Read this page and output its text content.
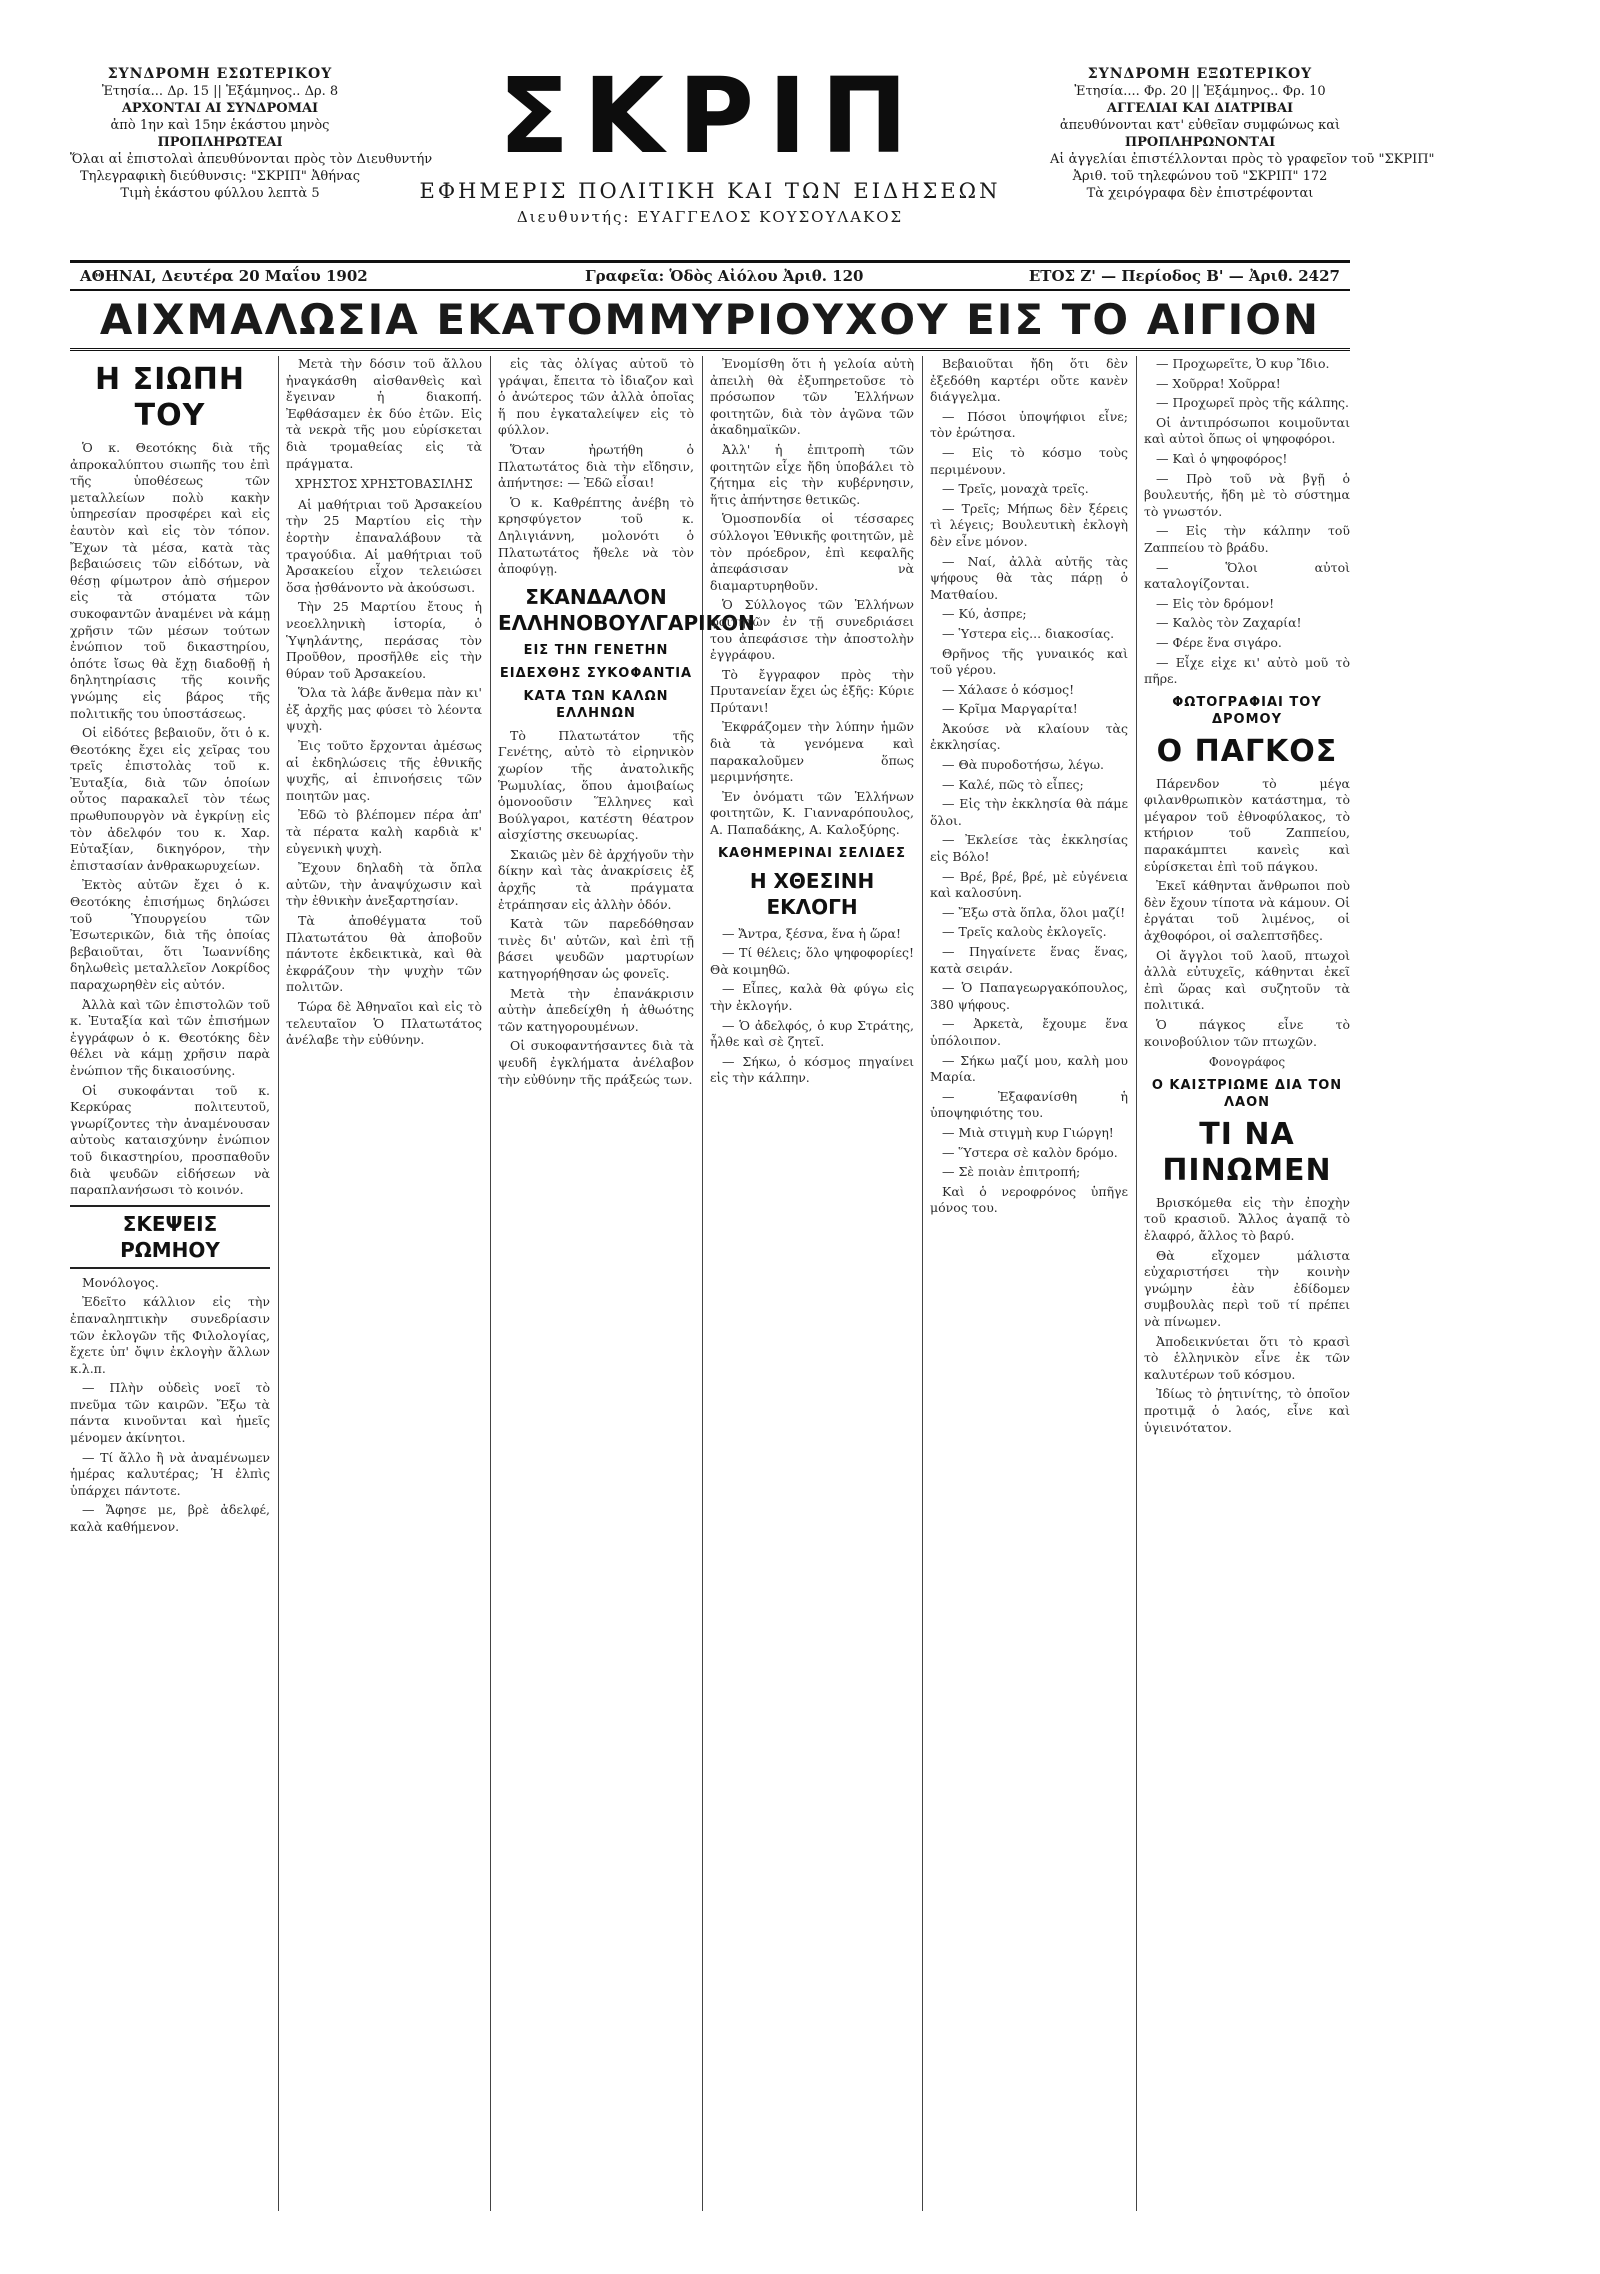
ΣΥΝΔΡΟΜΗ ΕΣΩΤΕΡΙΚΟΥ
Ἐτησία... Δρ. 15 || Ἑξάμηνος.. Δρ. 8
ΑΡΧΟΝΤΑΙ ΑΙ ΣΥΝΔΡΟΜΑΙ
ἀπὸ 1ην καὶ 15ην ἑκάστου μηνὸς
ΠΡΟΠΛΗΡΩΤΕΑΙ
Ὅλαι αἱ ἐπιστολαὶ ἀπευθύνονται πρὸς τὸν Διευθυντήν
Τηλεγραφικὴ διεύθυνσις: "ΣΚΡΙΠ" Ἀθήνας
Τιμὴ ἑκάστου φύλλου λεπτὰ 5
ΣΚΡΙΠ
ΕΦΗΜΕΡΙΣ ΠΟΛΙΤΙΚΗ ΚΑΙ ΤΩΝ ΕΙΔΗΣΕΩΝ
Διευθυντής: ΕΥΑΓΓΕΛΟΣ ΚΟΥΣΟΥΛΑΚΟΣ
ΣΥΝΔΡΟΜΗ ΕΞΩΤΕΡΙΚΟΥ
Ἐτησία.... Φρ. 20 || Ἑξάμηνος.. Φρ. 10
ΑΓΓΕΛΙΑΙ ΚΑΙ ΔΙΑΤΡΙΒΑΙ
ἀπευθύνονται κατ' εὐθεῖαν συμφώνως καὶ
ΠΡΟΠΛΗΡΩΝΟΝΤΑΙ
Αἱ ἀγγελίαι ἐπιστέλλονται πρὸς τὸ γραφεῖον τοῦ "ΣΚΡΙΠ"
Ἀριθ. τοῦ τηλεφώνου τοῦ "ΣΚΡΙΠ" 172
Τὰ χειρόγραφα δὲν ἐπιστρέφονται
ΑΘΗΝΑΙ, Δευτέρα 20 Μαΐου 1902	Γραφεῖα: Ὁδὸς Αἰόλου Ἀριθ. 120	ΕΤΟΣ Ζ' — Περίοδος Β' — Ἀριθ. 2427
ΑΙΧΜΑΛΩΣΙΑ ΕΚΑΤΟΜΜΥΡΙΟΥΧΟΥ ΕΙΣ ΤΟ ΑΙΓΙΟΝ
Η ΣΙΩΠΗ ΤΟΥ

Ὁ κ. Θεοτόκης διὰ τῆς ἀπροκαλύπτου σιωπῆς του ἐπὶ τῆς ὑποθέσεως τῶν μεταλλείων πολὺ κακὴν ὑπηρεσίαν προσφέρει καὶ εἰς ἑαυτὸν καὶ εἰς τὸν τόπον. Ἔχων τὰ μέσα, κατὰ τὰς βεβαιώσεις τῶν εἰδότων, νὰ θέσῃ φίμωτρον ἀπὸ σήμερον εἰς τὰ στόματα τῶν συκοφαντῶν ἀναμένει νὰ κάμῃ χρῆσιν τῶν μέσων τούτων ἐνώπιον τοῦ δικαστηρίου, ὁπότε ἴσως θὰ ἔχῃ διαδοθῇ ἡ δηλητηρίασις τῆς κοινῆς γνώμης εἰς βάρος τῆς πολιτικῆς του ὑποστάσεως.

Οἱ εἰδότες βεβαιοῦν, ὅτι ὁ κ. Θεοτόκης ἔχει εἰς χεῖρας του τρεῖς ἐπιστολὰς τοῦ κ. Ἐυταξία, διὰ τῶν ὁποίων οὗτος παρακαλεῖ τὸν τέως πρωθυπουργὸν νὰ ἐγκρίνῃ εἰς τὸν ἀδελφόν του κ. Χαρ. Εὐταξίαν, δικηγόρον, τὴν ἐπιστασίαν ἀνθρακωρυχείων.

Ἐκτὸς αὐτῶν ἔχει ὁ κ. Θεοτόκης ἐπισήμως δηλώσει τοῦ Ὑπουργείου τῶν Ἐσωτερικῶν, διὰ τῆς ὁποίας βεβαιοῦται, ὅτι Ἰωαννίδης δηλωθεὶς μεταλλεῖον Λοκρίδος παραχωρηθὲν εἰς αὐτόν.

Ἀλλὰ καὶ τῶν ἐπιστολῶν τοῦ κ. Ἐυταξία καὶ τῶν ἐπισήμων ἐγγράφων ὁ κ. Θεοτόκης δὲν θέλει νὰ κάμῃ χρῆσιν παρὰ ἐνώπιον τῆς δικαιοσύνης.

Οἱ συκοφάνται τοῦ κ. Κερκύρας πολιτευτοῦ, γνωρίζοντες τὴν ἀναμένουσαν αὐτοὺς καταισχύνην ἐνώπιον τοῦ δικαστηρίου, προσπαθοῦν διὰ ψευδῶν εἰδήσεων νὰ παραπλανήσωσι τὸ κοινόν.

ΣΚΕΨΕΙΣ ΡΩΜΗΟΥ

Μονόλογος.

Ἐδεῖτο κάλλιον εἰς τὴν ἐπαναληπτικὴν συνεδρίασιν τῶν ἐκλογῶν τῆς Φιλολογίας, ἔχετε ὑπ' ὄψιν ἐκλογὴν ἄλλων κ.λ.π.

— Πλὴν οὐδεὶς νοεῖ τὸ πνεῦμα τῶν καιρῶν. Ἔξω τὰ πάντα κινοῦνται καὶ ἡμεῖς μένομεν ἀκίνητοι.

— Τί ἄλλο ἢ νὰ ἀναμένωμεν ἡμέρας καλυτέρας; Ἡ ἐλπὶς ὑπάρχει πάντοτε.

— Ἄφησε με, βρὲ ἀδελφέ, καλὰ καθήμενον.

Μετὰ τὴν δόσιν τοῦ ἄλλου ἠναγκάσθη αἰσθανθεὶς καὶ ἔγειναν ἡ διακοπή. Ἐφθάσαμεν ἐκ δύο ἐτῶν. Εἰς τὰ νεκρὰ τῆς μου εὑρίσκεται διὰ τρομαθείας εἰς τὰ πράγματα.

ΧΡΗΣΤΟΣ ΧΡΗΣΤΟΒΑΣΙΛΗΣ

Αἱ μαθήτριαι τοῦ Ἀρσακείου τὴν 25 Μαρτίου εἰς τὴν ἑορτὴν ἐπαναλάβουν τὰ τραγούδια. Αἱ μαθήτριαι τοῦ Ἀρσακείου εἶχον τελειώσει ὅσα ᾐσθάνοντο νὰ ἀκούσωσι.

Τὴν 25 Μαρτίου ἔτους ἡ νεοελληνικὴ ἱστορία, ὁ Ὑψηλάντης, περάσας τὸν Προῦθον, προσῆλθε εἰς τὴν θύραν τοῦ Ἀρσακείου.

Ὅλα τὰ λάβε ἄνθεμα πὰν κι' ἐξ ἀρχῆς μας φύσει τὸ λέοντα ψυχὴ.

Ἐις τοῦτο ἔρχονται ἀμέσως αἱ ἐκδηλώσεις τῆς ἐθνικῆς ψυχῆς, αἱ ἐπινοήσεις τῶν ποιητῶν μας.

Ἐδῶ τὸ βλέπομεν πέρα ἀπ' τὰ πέρατα καλὴ καρδιὰ κ' εὐγενικὴ ψυχὴ.

Ἔχουν δηλαδὴ τὰ ὄπλα αὐτῶν, τὴν ἀναψύχωσιν καὶ τὴν ἐθνικὴν ἀνεξαρτησίαν.

Τὰ ἀποθέγματα τοῦ Πλατωτάτου θὰ ἀποβοῦν πάντοτε ἐκδεικτικὰ, καὶ θὰ ἐκφράζουν τὴν ψυχὴν τῶν πολιτῶν.

Τώρα δὲ Ἀθηναῖοι καὶ εἰς τὸ τελευταῖον Ὁ Πλατωτάτος ἀνέλαβε τὴν εὐθύνην.

εἰς τὰς ὀλίγας αὐτοῦ τὸ γράψαι, ἔπειτα τὸ ἰδιαζον καὶ ὁ ἀνώτερος τῶν ἀλλὰ ὁποῖας ἥ που ἐγκαταλείψεν εἰς τὸ φύλλον.

Ὅταν ἠρωτήθη ὁ Πλατωτάτος διὰ τὴν εἴδησιν, ἀπήντησε: — Ἐδῶ εἶσαι!

Ὁ κ. Καθρέπτης ἀνέβη τὸ κρησφύγετον τοῦ κ. Δηλιγιάννη, μολονότι ὁ Πλατωτάτος ἤθελε νὰ τὸν ἀποφύγῃ.

ΣΚΑΝΔΑΛΟΝ ΕΛΛΗΝΟΒΟΥΛΓΑΡΙΚΟΝ
ΕΙΣ ΤΗΝ ΓΕΝΕΤΗΝ
ΕΙΔΕΧΘΗΣ ΣΥΚΟΦΑΝΤΙΑ
ΚΑΤΑ ΤΩΝ ΚΑΛΩΝ ΕΛΛΗΝΩΝ

Τὸ Πλατωτάτον τῆς Γενέτης, αὐτὸ τὸ εἰρηνικὸν χωρίον τῆς ἀνατολικῆς Ῥωμυλίας, ὅπου ἀμοιβαίως ὁμονοοῦσιν Ἕλληνες καὶ Βούλγαροι, κατέστη θέατρον αἰσχίστης σκευωρίας.

Σκαιῶς μὲν δὲ ἀρχήγοῦν τὴν δίκην καὶ τὰς ἀνακρίσεις ἐξ ἀρχῆς τὰ πράγματα ἐτράπησαν εἰς ἀλλὴν ὁδόν.

Κατὰ τῶν παρεδόθησαν τινὲς δι' αὐτῶν, καὶ ἐπὶ τῇ βάσει ψευδῶν μαρτυρίων κατηγορήθησαν ὡς φονεῖς.

Μετὰ τὴν ἐπανάκρισιν αὐτὴν ἀπεδείχθη ἡ ἀθωότης τῶν κατηγορουμένων.

Οἱ συκοφαντήσαντες διὰ τὰ ψευδῆ ἐγκλήματα ἀνέλαβον τὴν εὐθύνην τῆς πράξεώς των.

Ἐνομίσθη ὅτι ἡ γελοία αὐτὴ ἀπειλὴ θὰ ἐξυπηρετοῦσε τὸ πρόσωπον τῶν Ἑλλήνων φοιτητῶν, διὰ τὸν ἀγῶνα τῶν ἀκαδημαϊκῶν.

Ἀλλ' ἡ ἐπιτροπὴ τῶν φοιτητῶν εἶχε ἤδη ὑποβάλει τὸ ζήτημα εἰς τὴν κυβέρνησιν, ἥτις ἀπήντησε θετικῶς.

Ὁμοσπονδία οἱ τέσσαρες σύλλογοι Ἐθνικῆς φοιτητῶν, μὲ τὸν πρόεδρον, ἐπὶ κεφαλῆς ἀπεφάσισαν νὰ διαμαρτυρηθοῦν.

Ὁ Σύλλογος τῶν Ἑλλήνων φοιτητῶν ἐν τῇ συνεδριάσει του ἀπεφάσισε τὴν ἀποστολὴν ἐγγράφου.

Τὸ ἔγγραφον πρὸς τὴν Πρυτανείαν ἔχει ὡς ἑξῆς: Κύριε Πρύτανι!

Ἐκφράζομεν τὴν λύπην ἡμῶν διὰ τὰ γενόμενα καὶ παρακαλοῦμεν ὅπως μεριμνήσητε.

Ἐν ὀνόματι τῶν Ἑλλήνων φοιτητῶν, Κ. Γιανναρόπουλος, Α. Παπαδάκης, Α. Καλοξύρης.

ΚΑΘΗΜΕΡΙΝΑΙ ΣΕΛΙΔΕΣ
Η ΧΘΕΣΙΝΗ ΕΚΛΟΓΗ

— Ἄντρα, ξέσνα, ἕνα ἡ ὥρα!

— Τί θέλεις; ὅλο ψηφοφορίες! Θὰ κοιμηθῶ.

— Εἶπες, καλὰ θὰ φύγω εἰς τὴν ἐκλογήν.

— Ὁ ἀδελφός, ὁ κυρ Στράτης, ἦλθε καὶ σὲ ζητεῖ.

— Σήκω, ὁ κόσμος πηγαίνει εἰς τὴν κάλπην.

Βεβαιοῦται ἤδη ὅτι δὲν ἐξεδόθη καρτέρι οὔτε κανὲν διάγγελμα.

— Πόσοι ὑποψήφιοι εἶνε; τὸν ἐρώτησα.

— Εἰς τὸ κόσμο τοὺς περιμένουν.

— Τρεῖς, μοναχὰ τρεῖς.

— Τρεῖς; Μήπως δὲν ξέρεις τὶ λέγεις; Βουλευτικὴ ἐκλογὴ δὲν εἶνε μόνον.

— Ναί, ἀλλὰ αὐτῆς τὰς ψήφους θὰ τὰς πάρῃ ὁ Ματθαίου.

— Κύ, ἀσπρε;

— Ὑστερα εἰς... διακοσίας.

Θρῆνος τῆς γυναικός καὶ τοῦ γέρου.

— Χάλασε ὁ κόσμος!

— Κρῖμα Μαργαρίτα!

Ἀκούσε νὰ κλαίουν τὰς ἐκκλησίας.

— Θὰ πυροδοτήσω, λέγω.

— Καλέ, πῶς τὸ εἶπες;

— Εἰς τὴν ἐκκλησία θὰ πάμε ὅλοι.

— Ἐκλείσε τὰς ἐκκλησίας εἰς Βόλο!

— Βρέ, βρέ, βρέ, μὲ εὐγένεια καὶ καλοσύνη.

— Ἔξω στὰ ὅπλα, ὅλοι μαζί!

— Τρεῖς καλοὺς ἐκλογεῖς.

— Πηγαίνετε ἕνας ἕνας, κατὰ σειράν.

— Ὁ Παπαγεωργακόπουλος, 380 ψήφους.

— Ἀρκετὰ, ἔχουμε ἕνα ὑπόλοιπον.

— Σήκω μαζί μου, καλὴ μου Μαρία.

— Ἐξαφανίσθη ἡ ὑποψηφιότης του.

— Μιὰ στιγμὴ κυρ Γιώργη!

— Ὕστερα σὲ καλὸν δρόμο.

— Σὲ ποιὰν ἐπιτροπή;

Καὶ ὁ νεροφρόνος ὑπῆγε μόνος του.

— Προχωρεῖτε, Ὀ κυρ Ἴδιο.

— Χοῦρρα! Χοῦρρα!

— Προχωρεῖ πρὸς τῆς κάλπης.

Οἱ ἀντιπρόσωποι κοιμοῦνται καὶ αὐτοὶ ὅπως οἱ ψηφοφόροι.

— Καὶ ὁ ψηφοφόρος!

— Πρὸ τοῦ νὰ βγῇ ὁ βουλευτής, ἤδη μὲ τὸ σύστημα τὸ γνωστόν.

— Εἰς τὴν κάλπην τοῦ Ζαππείου τὸ βράδυ.

— Ὅλοι αὐτοὶ καταλογίζονται.

— Εἰς τὸν δρόμον!

— Καλὸς τὸν Ζαχαρία!

— Φέρε ἕνα σιγάρο.

— Εἶχε εἰχε κι' αὐτὸ μοῦ τὸ πῆρε.

ΦΩΤΟΓΡΑΦΙΑΙ ΤΟΥ ΔΡΟΜΟΥ
Ο ΠΑΓΚΟΣ

Πάρενδον τὸ μέγα φιλανθρωπικὸν κατάστημα, τὸ μέγαρον τοῦ ἐθνοφύλακος, τὸ κτήριον τοῦ Ζαππείου, παρακάμπτει κανεὶς καὶ εὑρίσκεται ἐπὶ τοῦ πάγκου.

Ἐκεῖ κάθηνται ἄνθρωποι ποὺ δὲν ἔχουν τίποτα νὰ κάμουν. Οἱ ἐργάται τοῦ λιμένος, οἱ ἀχθοφόροι, οἱ σαλεπτσῆδες.

Οἱ ἄγγλοι τοῦ λαοῦ, πτωχοὶ ἀλλὰ εὐτυχεῖς, κάθηνται ἐκεῖ ἐπὶ ὥρας καὶ συζητοῦν τὰ πολιτικά.

Ὁ πάγκος εἶνε τὸ κοινοβούλιον τῶν πτωχῶν.

Φονογράφος
Ο ΚΑΙΣΤΡΙΩΜΕ ΔΙΑ ΤΟΝ ΛΑΟΝ
ΤΙ ΝΑ ΠΙΝΩΜΕΝ

Βρισκόμεθα εἰς τὴν ἐποχὴν τοῦ κρασιοῦ. Ἄλλος ἀγαπᾷ τὸ ἐλαφρό, ἄλλος τὸ βαρύ.

Θὰ εἴχομεν μάλιστα εὐχαριστήσει τὴν κοινὴν γνώμην ἐὰν ἐδίδομεν συμβουλὰς περὶ τοῦ τί πρέπει νὰ πίνωμεν.

Ἀποδεικνύεται ὅτι τὸ κρασὶ τὸ ἑλληνικὸν εἶνε ἐκ τῶν καλυτέρων τοῦ κόσμου.

Ἰδίως τὸ ῥητινίτης, τὸ ὁποῖον προτιμᾷ ὁ λαός, εἶνε καὶ ὑγιεινότατον.
